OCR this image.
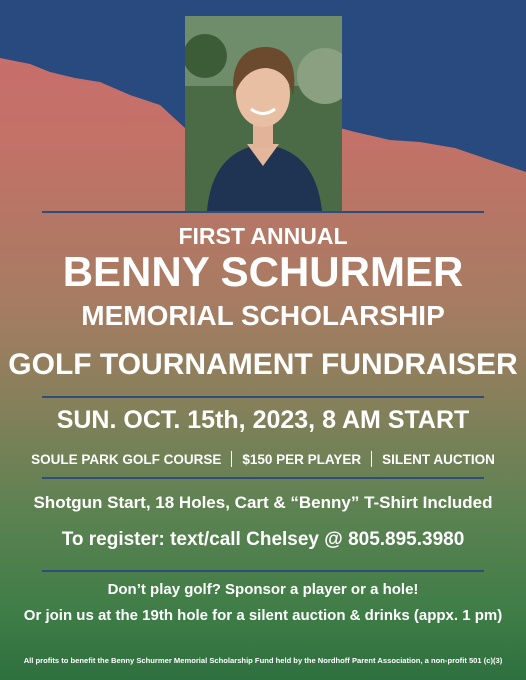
FIRST ANNUAL
BENNY SCHURMER
MEMORIAL SCHOLARSHIP
GOLF TOURNAMENT FUNDRAISER
SUN. OCT. 15th, 2023, 8 AM START
SOULE PARK GOLF COURSE $150 PER PLAYER SILENT AUCTION
Shotgun Start, 18 Holes, Cart & “Benny” T-Shirt Included
To register: text/call Chelsey @ 805.895.3980
Don’t play golf? Sponsor a player or a hole!
Or join us at the 19th hole for a silent auction & drinks (appx. 1 pm)
All profits to benefit the Benny Schurmer Memorial Scholarship Fund held by the Nordhoff Parent Association, a non-profit 501 (c)(3)
